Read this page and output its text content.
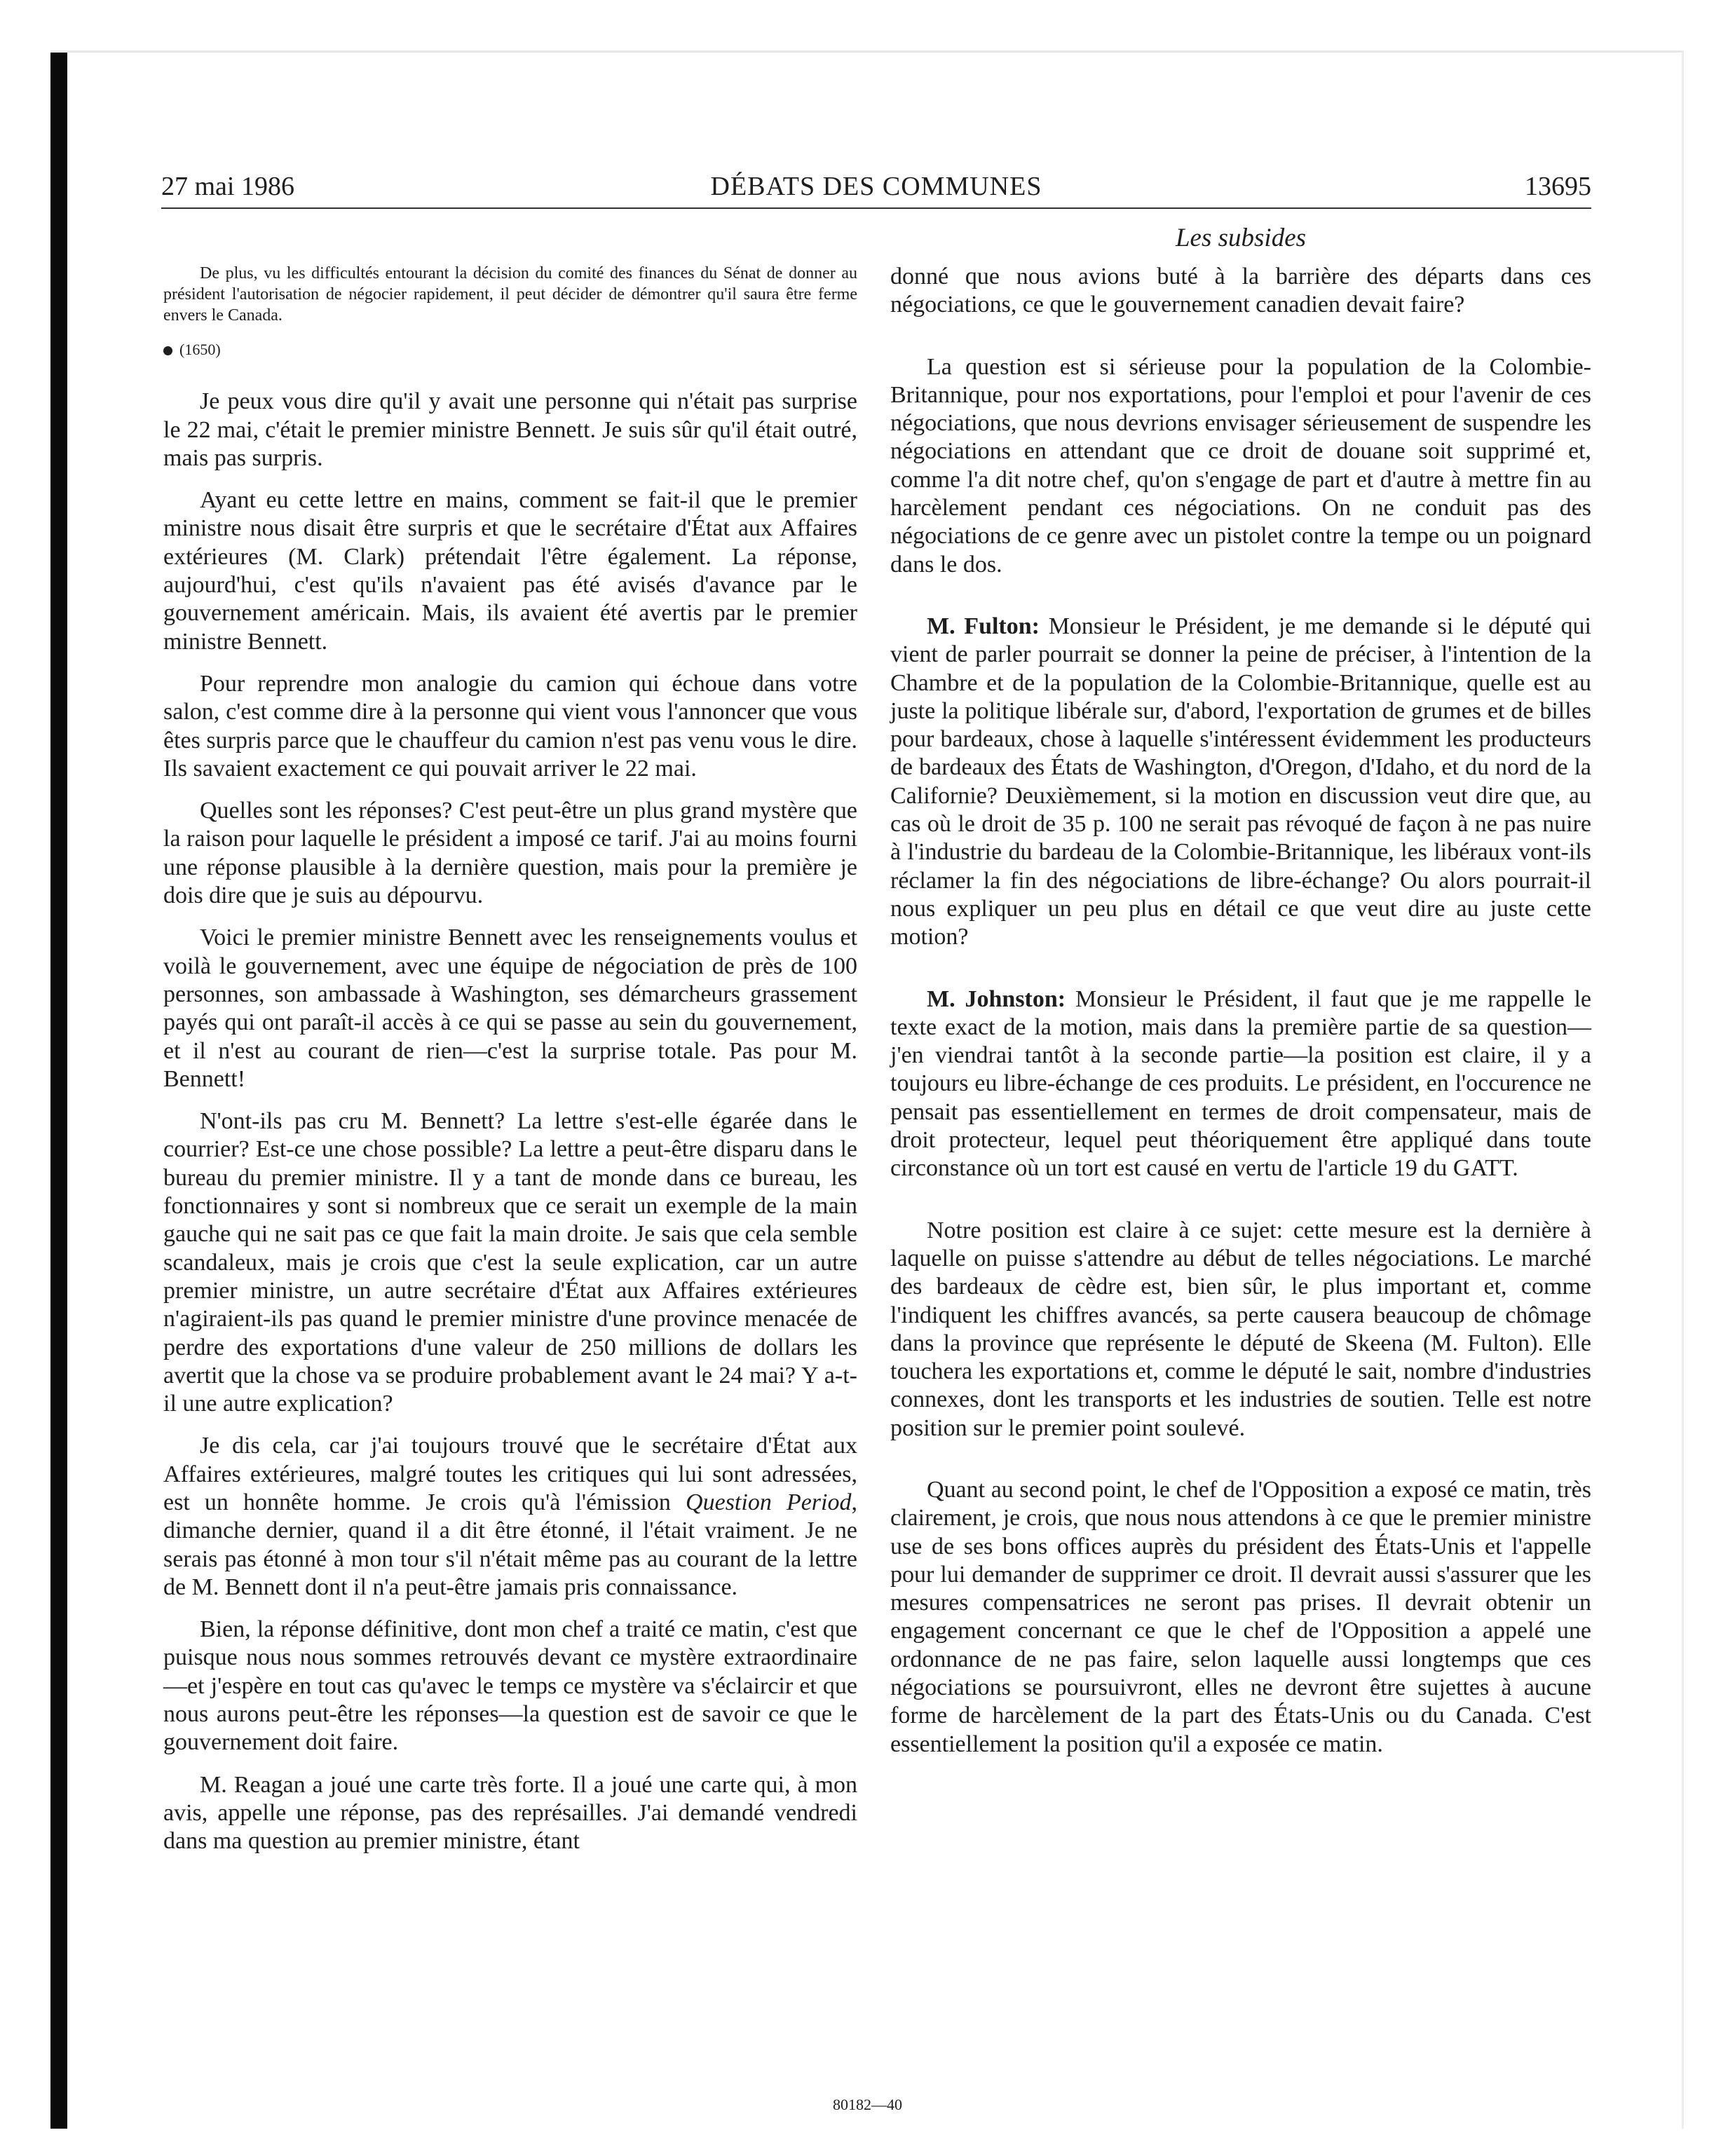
27 mai 1986	DÉBATS DES COMMUNES	13695
Les subsides

De plus, vu les difficultés entourant la décision du comité des finances du Sénat de donner au président l'autorisation de négocier rapidement, il peut décider de démontrer qu'il saura être ferme envers le Canada.

(1650)

Je peux vous dire qu'il y avait une personne qui n'était pas surprise le 22 mai, c'était le premier ministre Bennett. Je suis sûr qu'il était outré, mais pas surpris.

Ayant eu cette lettre en mains, comment se fait-il que le premier ministre nous disait être surpris et que le secrétaire d'État aux Affaires extérieures (M. Clark) prétendait l'être également. La réponse, aujourd'hui, c'est qu'ils n'avaient pas été avisés d'avance par le gouvernement américain. Mais, ils avaient été avertis par le premier ministre Bennett.

Pour reprendre mon analogie du camion qui échoue dans votre salon, c'est comme dire à la personne qui vient vous l'annoncer que vous êtes surpris parce que le chauffeur du camion n'est pas venu vous le dire. Ils savaient exactement ce qui pouvait arriver le 22 mai.

Quelles sont les réponses? C'est peut-être un plus grand mystère que la raison pour laquelle le président a imposé ce tarif. J'ai au moins fourni une réponse plausible à la dernière question, mais pour la première je dois dire que je suis au dépourvu.

Voici le premier ministre Bennett avec les renseignements voulus et voilà le gouvernement, avec une équipe de négociation de près de 100 personnes, son ambassade à Washington, ses démarcheurs grassement payés qui ont paraît-il accès à ce qui se passe au sein du gouvernement, et il n'est au courant de rien—c'est la surprise totale. Pas pour M. Bennett!

N'ont-ils pas cru M. Bennett? La lettre s'est-elle égarée dans le courrier? Est-ce une chose possible? La lettre a peut-être disparu dans le bureau du premier ministre. Il y a tant de monde dans ce bureau, les fonctionnaires y sont si nombreux que ce serait un exemple de la main gauche qui ne sait pas ce que fait la main droite. Je sais que cela semble scandaleux, mais je crois que c'est la seule explication, car un autre premier ministre, un autre secrétaire d'État aux Affaires extérieures n'agiraient-ils pas quand le premier ministre d'une province menacée de perdre des exportations d'une valeur de 250 millions de dollars les avertit que la chose va se produire probablement avant le 24 mai? Y a-t-il une autre explication?

Je dis cela, car j'ai toujours trouvé que le secrétaire d'État aux Affaires extérieures, malgré toutes les critiques qui lui sont adressées, est un honnête homme. Je crois qu'à l'émission Question Period, dimanche dernier, quand il a dit être étonné, il l'était vraiment. Je ne serais pas étonné à mon tour s'il n'était même pas au courant de la lettre de M. Bennett dont il n'a peut-être jamais pris connaissance.

Bien, la réponse définitive, dont mon chef a traité ce matin, c'est que puisque nous nous sommes retrouvés devant ce mystère extraordinaire—et j'espère en tout cas qu'avec le temps ce mystère va s'éclaircir et que nous aurons peut-être les réponses—la question est de savoir ce que le gouvernement doit faire.

M. Reagan a joué une carte très forte. Il a joué une carte qui, à mon avis, appelle une réponse, pas des représailles. J'ai demandé vendredi dans ma question au premier ministre, étant

donné que nous avions buté à la barrière des départs dans ces négociations, ce que le gouvernement canadien devait faire?

La question est si sérieuse pour la population de la Colombie-Britannique, pour nos exportations, pour l'emploi et pour l'avenir de ces négociations, que nous devrions envisager sérieusement de suspendre les négociations en attendant que ce droit de douane soit supprimé et, comme l'a dit notre chef, qu'on s'engage de part et d'autre à mettre fin au harcèlement pendant ces négociations. On ne conduit pas des négociations de ce genre avec un pistolet contre la tempe ou un poignard dans le dos.

M. Fulton: Monsieur le Président, je me demande si le député qui vient de parler pourrait se donner la peine de préciser, à l'intention de la Chambre et de la population de la Colombie-Britannique, quelle est au juste la politique libérale sur, d'abord, l'exportation de grumes et de billes pour bardeaux, chose à laquelle s'intéressent évidemment les producteurs de bardeaux des États de Washington, d'Oregon, d'Idaho, et du nord de la Californie? Deuxièmement, si la motion en discussion veut dire que, au cas où le droit de 35 p. 100 ne serait pas révoqué de façon à ne pas nuire à l'industrie du bardeau de la Colombie-Britannique, les libéraux vont-ils réclamer la fin des négociations de libre-échange? Ou alors pourrait-il nous expliquer un peu plus en détail ce que veut dire au juste cette motion?

M. Johnston: Monsieur le Président, il faut que je me rappelle le texte exact de la motion, mais dans la première partie de sa question—j'en viendrai tantôt à la seconde partie—la position est claire, il y a toujours eu libre-échange de ces produits. Le président, en l'occurence ne pensait pas essentiellement en termes de droit compensateur, mais de droit protecteur, lequel peut théoriquement être appliqué dans toute circonstance où un tort est causé en vertu de l'article 19 du GATT.

Notre position est claire à ce sujet: cette mesure est la dernière à laquelle on puisse s'attendre au début de telles négociations. Le marché des bardeaux de cèdre est, bien sûr, le plus important et, comme l'indiquent les chiffres avancés, sa perte causera beaucoup de chômage dans la province que représente le député de Skeena (M. Fulton). Elle touchera les exportations et, comme le député le sait, nombre d'industries connexes, dont les transports et les industries de soutien. Telle est notre position sur le premier point soulevé.

Quant au second point, le chef de l'Opposition a exposé ce matin, très clairement, je crois, que nous nous attendons à ce que le premier ministre use de ses bons offices auprès du président des États-Unis et l'appelle pour lui demander de supprimer ce droit. Il devrait aussi s'assurer que les mesures compensatrices ne seront pas prises. Il devrait obtenir un engagement concernant ce que le chef de l'Opposition a appelé une ordonnance de ne pas faire, selon laquelle aussi longtemps que ces négociations se poursuivront, elles ne devront être sujettes à aucune forme de harcèlement de la part des États-Unis ou du Canada. C'est essentiellement la position qu'il a exposée ce matin.

80182—40
